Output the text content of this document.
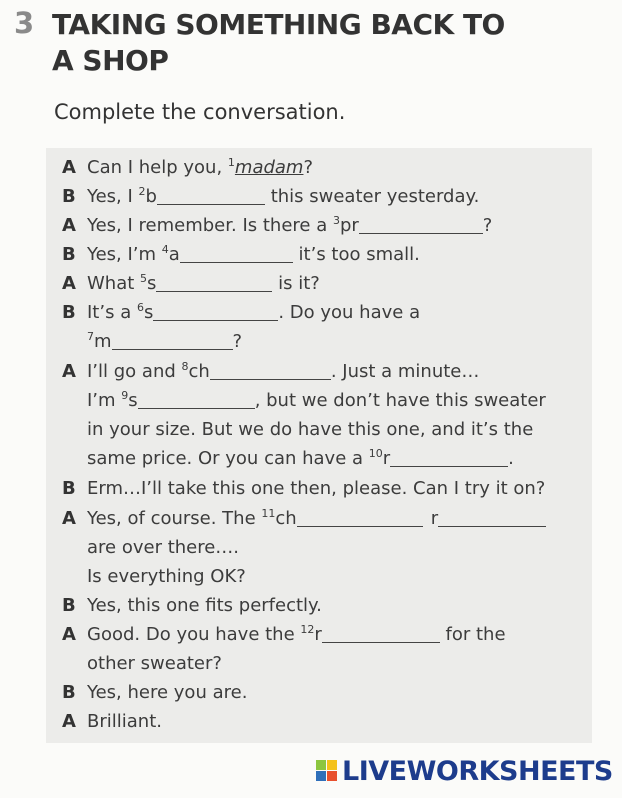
3 TAKING SOMETHING BACK TO
A SHOP
Complete the conversation.
A Can I help you, $^1$madam?
B Yes, I $^2$b	this sweater yesterday.
A Yes, I remember. Is there a $^3$pr	?
B Yes, I’m $^4$a	it’s too small.
A What $^5$s	is it?
B It’s a $^6$s	. Do you have a
$^7$m	?
A I’ll go and $^8$ch	. Just a minute…
I’m $^9$s	, but we don’t have this sweater
in your size. But we do have this one, and it’s the
same price. Or you can have a $^{10}$r	.
B Erm…I’ll take this one then, please. Can I try it on?
A Yes, of course. The $^{11}$ch	r
are over there….
Is everything OK?
B Yes, this one fits perfectly.
A Good. Do you have the $^{12}$r	for the
other sweater?
B Yes, here you are.
A Brilliant.
LIVEWORKSHEETS
